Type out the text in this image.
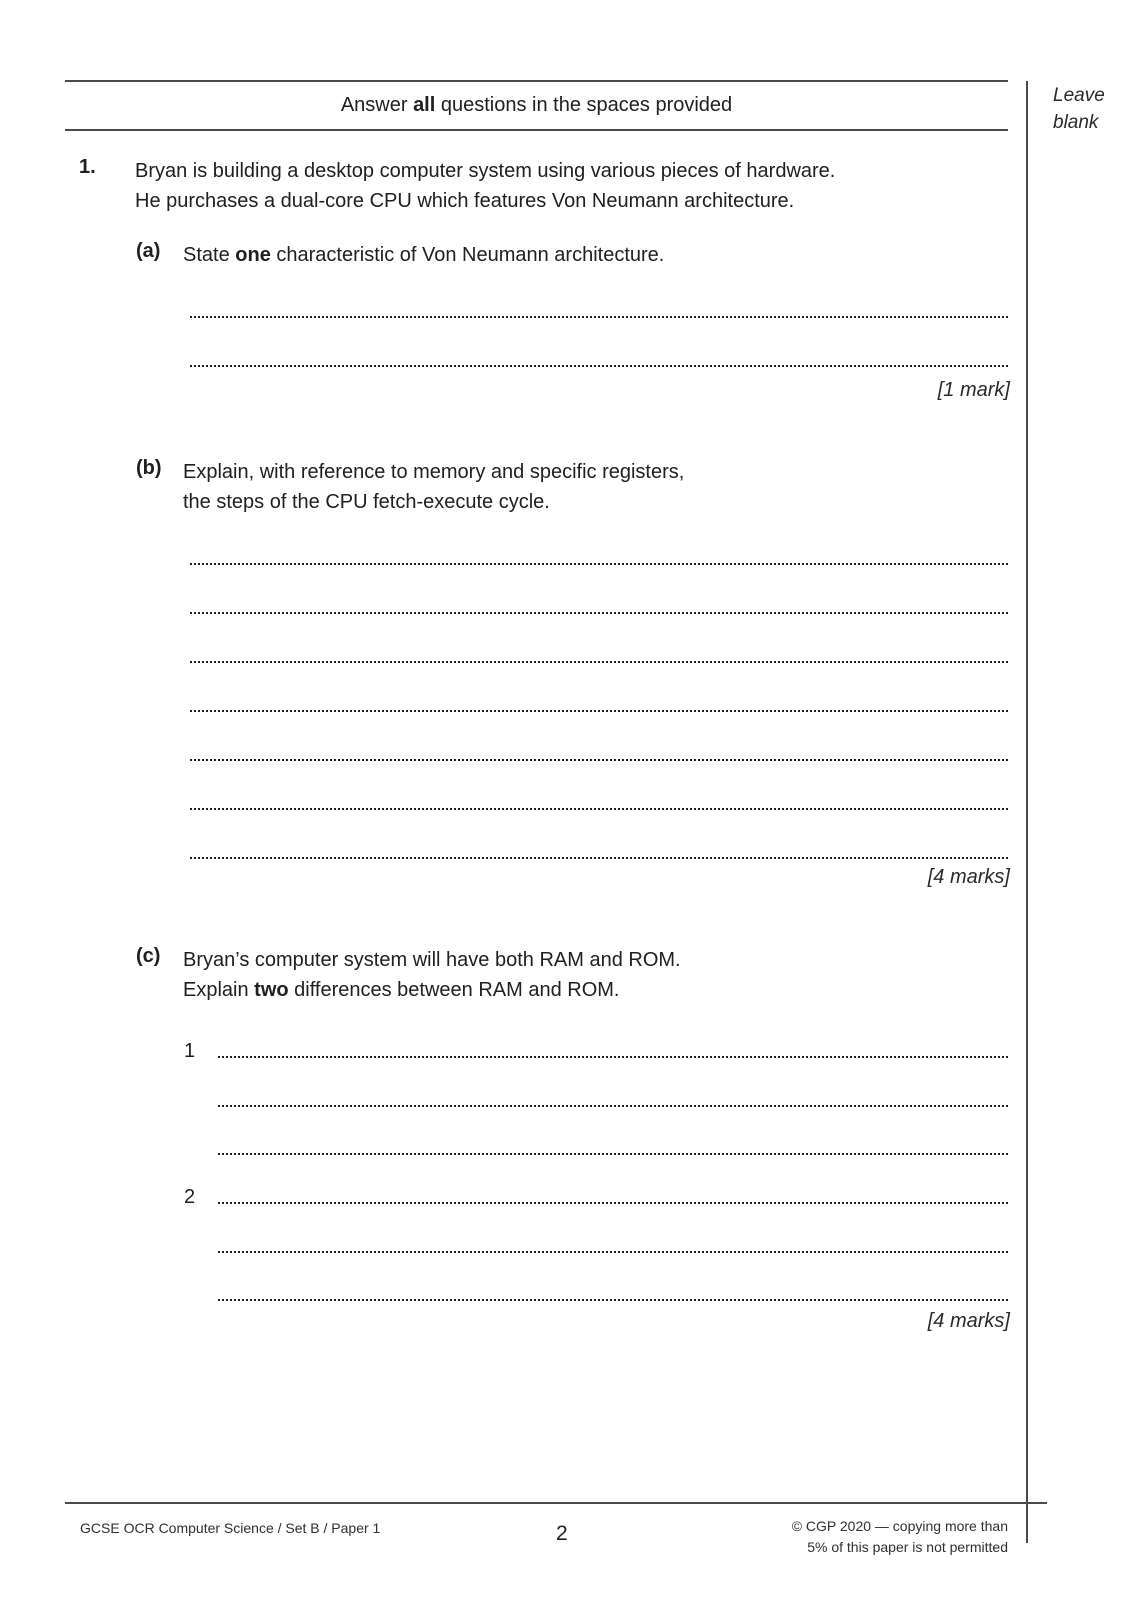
Answer all questions in the spaces provided	Leave
blank
1. Bryan is building a desktop computer system using various pieces of hardware.
He purchases a dual-core CPU which features Von Neumann architecture.
(a) State one characteristic of Von Neumann architecture.
[1 mark]
(b) Explain, with reference to memory and specific registers,
the steps of the CPU fetch-execute cycle.
[4 marks]
(c) Bryan’s computer system will have both RAM and ROM.
Explain two differences between RAM and ROM.
1
2
[4 marks]
GCSE OCR Computer Science / Set B / Paper 1	2	© CGP 2020 — copying more than
5% of this paper is not permitted
